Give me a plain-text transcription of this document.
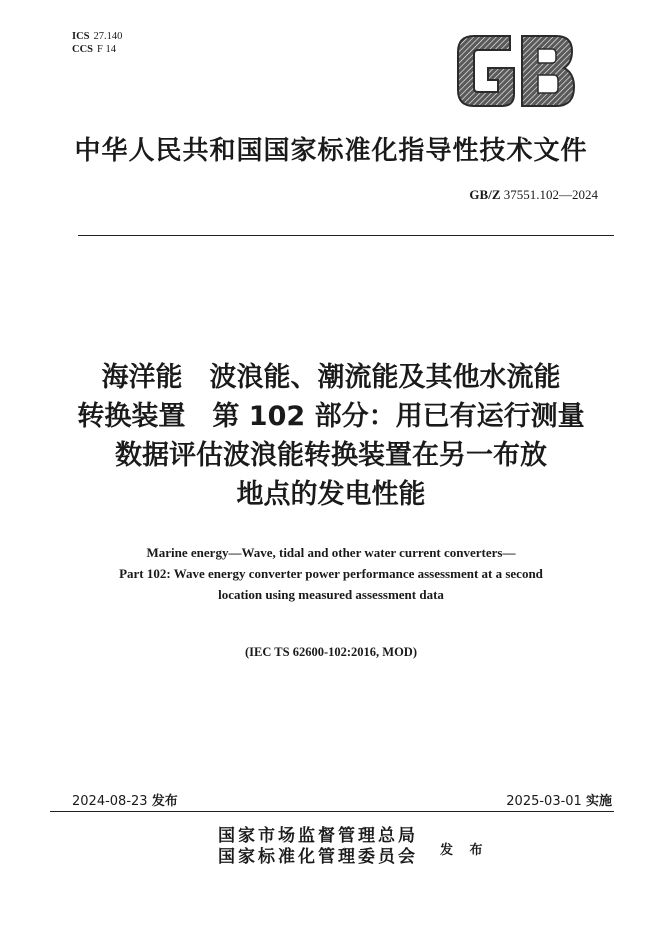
ICS 27.140
CCS F 14
中华人民共和国国家标准化指导性技术文件
GB/Z 37551.102—2024
海洋能　波浪能、潮流能及其他水流能
转换装置　第 102 部分：用已有运行测量
数据评估波浪能转换装置在另一布放
地点的发电性能
Marine energy—Wave, tidal and other water current converters—
Part 102: Wave energy converter power performance assessment at a second
location using measured assessment data
(IEC TS 62600-102:2016, MOD)
2024-08-23 发布	2025-03-01 实施
国家市场监督管理总局
国家标准化管理委员会 发 布
